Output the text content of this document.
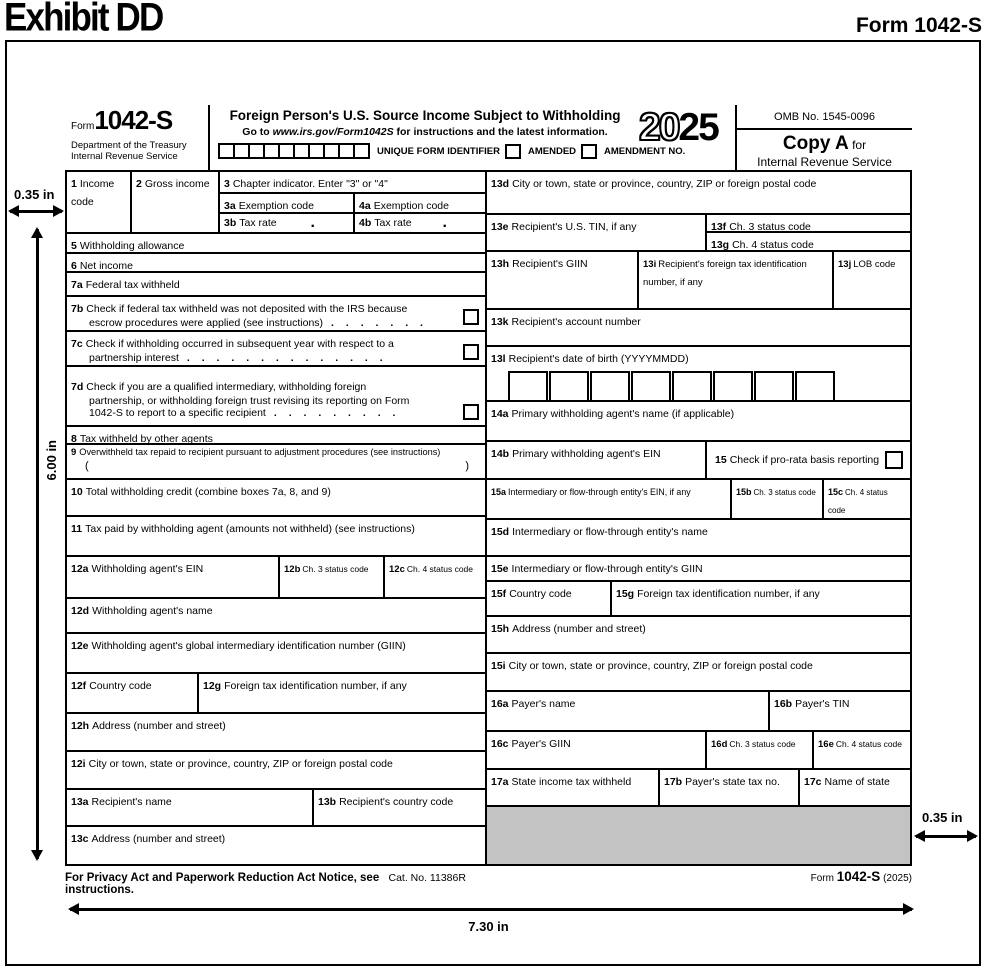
Exhibit DD	Form 1042-S
0.35 in
6.00 in
0.35 in
7.30 in
Form1042-S
Department of the Treasury
Internal Revenue Service
Foreign Person's U.S. Source Income Subject to Withholding
Go to www.irs.gov/Form1042S for instructions and the latest information.
UNIQUE FORM IDENTIFIER	AMENDED	AMENDMENT NO.
2025	OMB No. 1545-0096
Copy A for
Internal Revenue Service
1 Income code
2 Gross income	3 Chapter indicator. Enter "3" or "4"
3a Exemption code	4a Exemption code
3b Tax rate .	4b Tax rate .
5 Withholding allowance
6 Net income
7a Federal tax withheld
7b Check if federal tax withheld was not deposited with the IRS because
escrow procedures were applied (see instructions) . . . . . . .
7c Check if withholding occurred in subsequent year with respect to a
partnership interest . . . . . . . . . . . . . .
7d Check if you are a qualified intermediary, withholding foreign
partnership, or withholding foreign trust revising its reporting on Form
1042-S to report to a specific recipient . . . . . . . . .
8 Tax withheld by other agents
9 Overwithheld tax repaid to recipient pursuant to adjustment procedures (see instructions)
(	)
10 Total withholding credit (combine boxes 7a, 8, and 9)
11 Tax paid by withholding agent (amounts not withheld) (see instructions)
12a Withholding agent's EIN	12b Ch. 3 status code	12c Ch. 4 status code
12d Withholding agent's name
12e Withholding agent's global intermediary identification number (GIIN)
12f Country code	12g Foreign tax identification number, if any
12h Address (number and street)
12i City or town, state or province, country, ZIP or foreign postal code
13a Recipient's name	13b Recipient's country code
13c Address (number and street)
13d City or town, state or province, country, ZIP or foreign postal code
13e Recipient's U.S. TIN, if any	13f Ch. 3 status code
13g Ch. 4 status code
13h Recipient's GIIN	13i Recipient's foreign tax identification number, if any
13j LOB code
13k Recipient's account number
13l Recipient's date of birth (YYYYMMDD)
14a Primary withholding agent's name (if applicable)
14b Primary withholding agent's EIN	15 Check if pro-rata basis reporting
15a Intermediary or flow-through entity's EIN, if any	15b Ch. 3 status code	15c Ch. 4 status code
15d Intermediary or flow-through entity's name
15e Intermediary or flow-through entity's GIIN
15f Country code	15g Foreign tax identification number, if any
15h Address (number and street)
15i City or town, state or province, country, ZIP or foreign postal code
16a Payer's name	16b Payer's TIN
16c Payer's GIIN	16d Ch. 3 status code	16e Ch. 4 status code
17a State income tax withheld	17b Payer's state tax no.	17c Name of state
For Privacy Act and Paperwork Reduction Act Notice, see instructions.
Cat. No. 11386R	Form 1042-S (2025)
